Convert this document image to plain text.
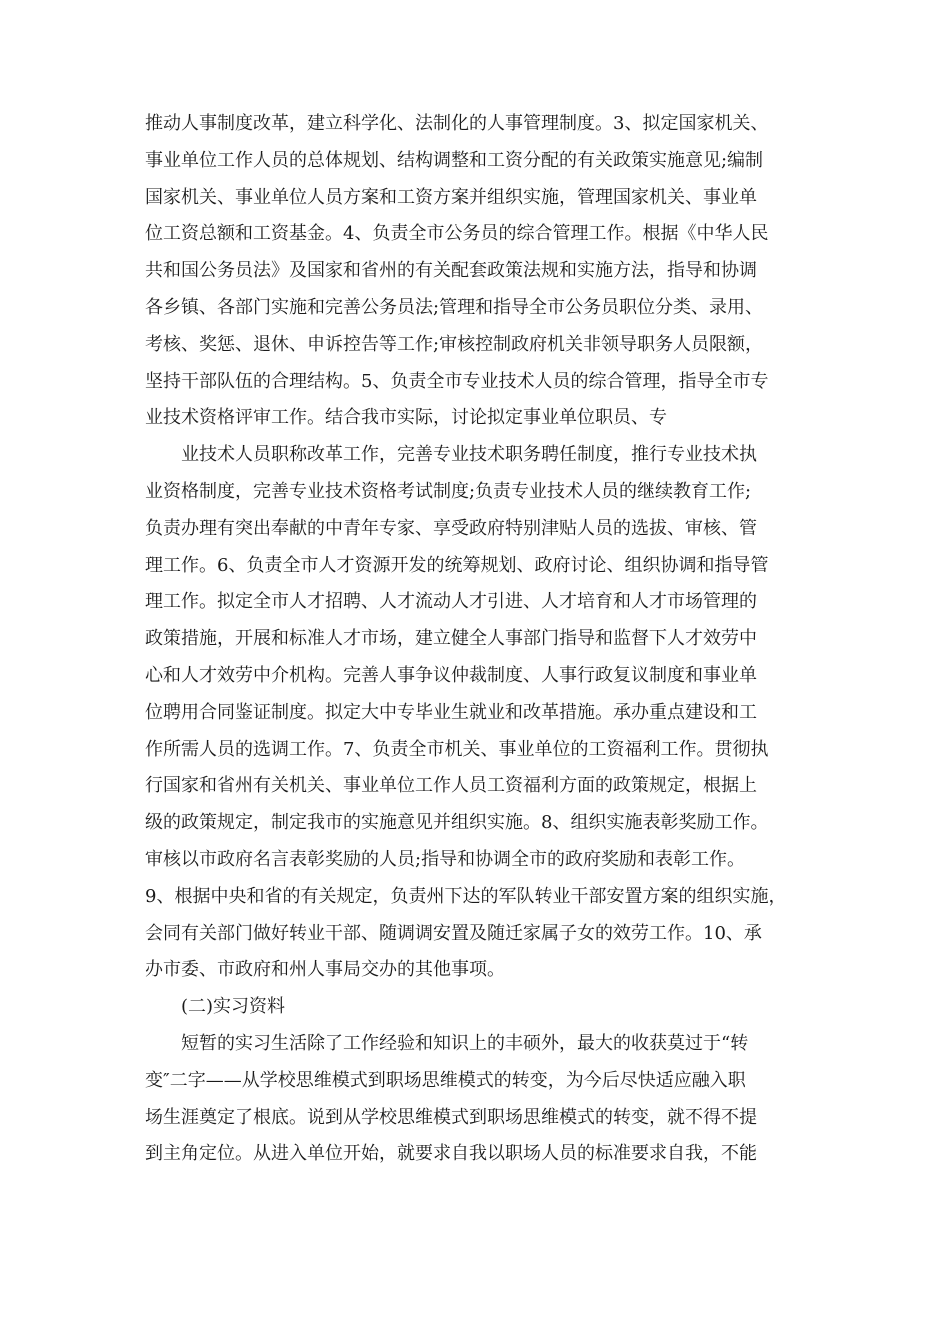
推动人事制度改革，建立科学化、法制化的人事管理制度。3、拟定国家机关、
事业单位工作人员的总体规划、结构调整和工资分配的有关政策实施意见;编制
国家机关、事业单位人员方案和工资方案并组织实施，管理国家机关、事业单
位工资总额和工资基金。4、负责全市公务员的综合管理工作。根据《中华人民
共和国公务员法》及国家和省州的有关配套政策法规和实施方法，指导和协调
各乡镇、各部门实施和完善公务员法;管理和指导全市公务员职位分类、录用、
考核、奖惩、退休、申诉控告等工作;审核控制政府机关非领导职务人员限额，
坚持干部队伍的合理结构。5、负责全市专业技术人员的综合管理，指导全市专
业技术资格评审工作。结合我市实际，讨论拟定事业单位职员、专
业技术人员职称改革工作，完善专业技术职务聘任制度，推行专业技术执
业资格制度，完善专业技术资格考试制度;负责专业技术人员的继续教育工作;
负责办理有突出奉献的中青年专家、享受政府特别津贴人员的选拔、审核、管
理工作。6、负责全市人才资源开发的统筹规划、政府讨论、组织协调和指导管
理工作。拟定全市人才招聘、人才流动人才引进、人才培育和人才市场管理的
政策措施，开展和标准人才市场，建立健全人事部门指导和监督下人才效劳中
心和人才效劳中介机构。完善人事争议仲裁制度、人事行政复议制度和事业单
位聘用合同鉴证制度。拟定大中专毕业生就业和改革措施。承办重点建设和工
作所需人员的选调工作。7、负责全市机关、事业单位的工资福利工作。贯彻执
行国家和省州有关机关、事业单位工作人员工资福利方面的政策规定，根据上
级的政策规定，制定我市的实施意见并组织实施。8、组织实施表彰奖励工作。
审核以市政府名言表彰奖励的人员;指导和协调全市的政府奖励和表彰工作。
9、根据中央和省的有关规定，负责州下达的军队转业干部安置方案的组织实施，
会同有关部门做好转业干部、随调调安置及随迁家属子女的效劳工作。10、承
办市委、市政府和州人事局交办的其他事项。
(二)实习资料
短暂的实习生活除了工作经验和知识上的丰硕外，最大的收获莫过于“转
变″二字——从学校思维模式到职场思维模式的转变，为今后尽快适应融入职
场生涯奠定了根底。说到从学校思维模式到职场思维模式的转变，就不得不提
到主角定位。从进入单位开始，就要求自我以职场人员的标准要求自我，不能
